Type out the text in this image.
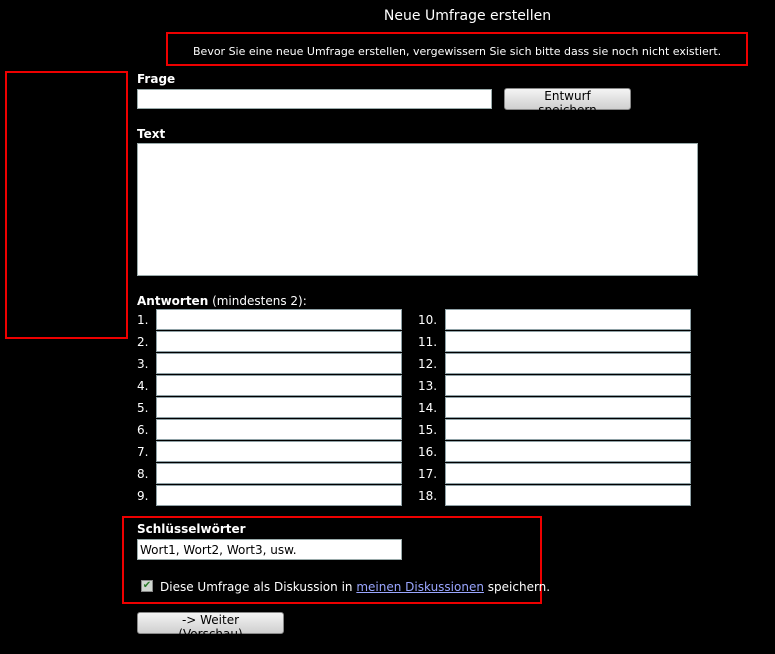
Neue Umfrage erstellen
Bevor Sie eine neue Umfrage erstellen, vergewissern Sie sich bitte dass sie noch nicht existiert.
Frage
Entwurf speichern
Text
Antworten (mindestens 2):
1.
2.
3.
4.
5.
6.
7.
8.
9.
10.
11.
12.
13.
14.
15.
16.
17.
18.
Schlüsselwörter
Wort1, Wort2, Wort3, usw.
✔ Diese Umfrage als Diskussion in meinen Diskussionen speichern.
-> Weiter (Vorschau)
